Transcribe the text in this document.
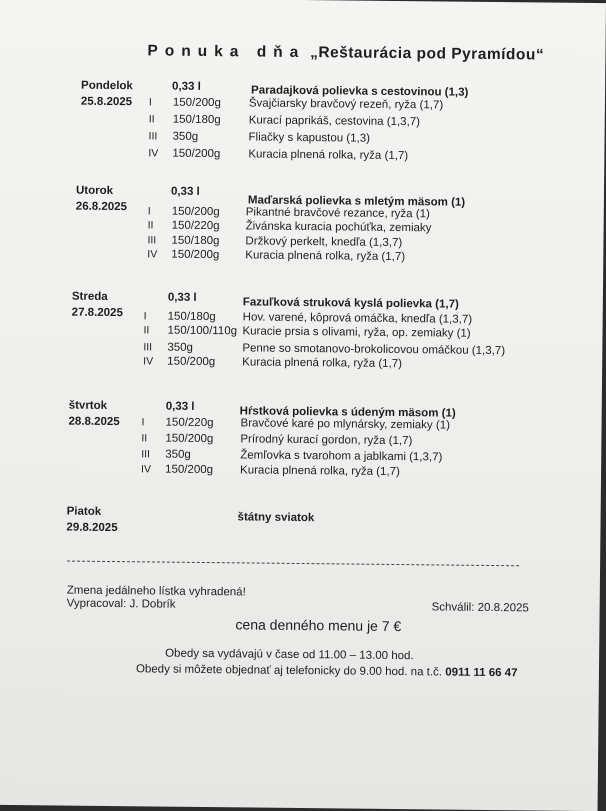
Ponuka dňa „Reštaurácia pod Pyramídou“
Pondelok
25.8.2025
0,33 l	Paradajková polievka s cestovinou (1,3)
I 150/200g Švajčiarsky bravčový rezeň, ryža (1,7)
II 150/180g Kurací paprikáš, cestovina (1,3,7)
III 350g	Fliačky s kapustou (1,3)
IV 150/200g Kuracia plnená rolka, ryža (1,7)
Utorok
26.8.2025
0,33 l
Maďarská polievka s mletým mäsom (1)
I 150/200g Pikantné bravčové rezance, ryža (1)
II 150/220g Živánska kuracia pochúťka, zemiaky
III 150/180g Držkový perkelt, knedľa (1,3,7)
IV 150/200g Kuracia plnená rolka, ryža (1,7)
Streda
27.8.2025
0,33 l	Fazuľková struková kyslá polievka (1,7)
I 150/180g Hov. varené, kôprová omáčka, knedľa (1,3,7)
II 150/100/110g Kuracie prsia s olivami, ryža, op. zemiaky (1)
III 350g	Penne so smotanovo-brokolicovou omáčkou (1,3,7)
IV 150/200g Kuracia plnená rolka, ryža (1,7)
štvrtok
28.8.2025
0,33 l	Hŕstková polievka s údeným mäsom (1)
I 150/220g Bravčové karé po mlynársky, zemiaky (1)
II 150/200g Prírodný kurací gordon, ryža (1,7)
III 350g	Žemľovka s tvarohom a jablkami (1,3,7)
IV 150/200g Kuracia plnená rolka, ryža (1,7)
Piatok
29.8.2025
štátny sviatok
Zmena jedálneho lístka vyhradená!
Vypracoval: J. Dobrík	Schválil: 20.8.2025
cena denného menu je 7 €
Obedy sa vydávajú v čase od 11.00 – 13.00 hod.
Obedy si môžete objednať aj telefonicky do 9.00 hod. na t.č. 0911 11 66 47
